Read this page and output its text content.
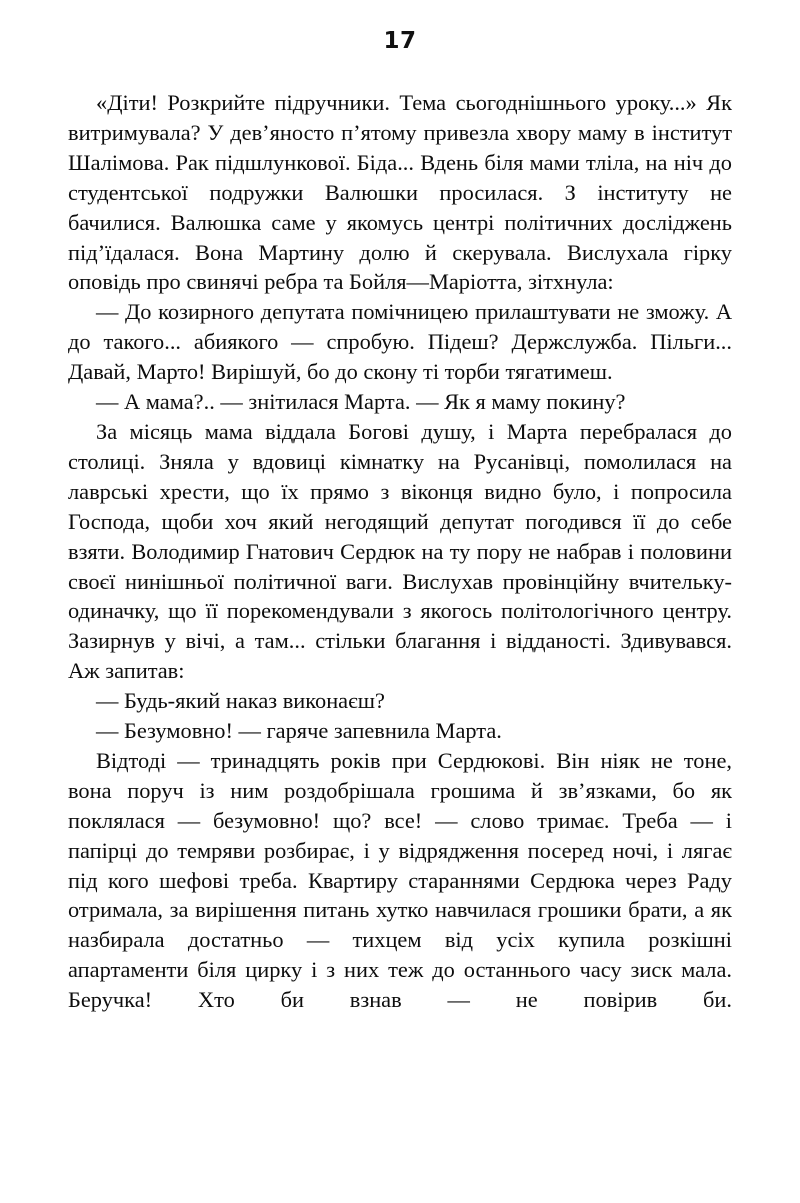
17

«Діти! Розкрийте підручники. Тема сьогоднішнього уроку...» Як витримувала? У дев’яносто п’ятому привезла хвору маму в інститут Шалімова. Рак підшлункової. Біда... Вдень біля мами тліла, на ніч до студентської подружки Валюшки просилася. З інституту не бачилися. Валюшка саме у якомусь центрі політичних досліджень під’їдалася. Вона Мартину долю й скерувала. Вислухала гірку оповідь про свинячі ребра та Бойля—Маріотта, зітхнула:

— До козирного депутата помічницею прилаштувати не зможу. А до такого... абиякого — спробую. Підеш? Держслужба. Пільги... Давай, Марто! Вирішуй, бо до скону ті торби тягатимеш.

— А мама?.. — знітилася Марта. — Як я маму покину?

За місяць мама віддала Богові душу, і Марта перебралася до столиці. Зняла у вдовиці кімнатку на Русанівці, помолилася на лаврські хрести, що їх прямо з віконця видно було, і попросила Господа, щоби хоч який негодящий депутат погодився її до себе взяти. Володимир Гнатович Сердюк на ту пору не набрав і половини своєї нинішньої політичної ваги. Вислухав провінційну вчительку-одиначку, що її порекомендували з якогось політологічного центру. Зазирнув у вічі, а там... стільки благання і відданості. Здивувався. Аж запитав:

— Будь-який наказ виконаєш?

— Безумовно! — гаряче запевнила Марта.

Відтоді — тринадцять років при Сердюкові. Він ніяк не тоне, вона поруч із ним роздобрішала грошима й зв’язками, бо як поклялася — безумовно! що? все! — слово тримає. Треба — і папірці до темряви розбирає, і у відрядження посеред ночі, і лягає під кого шефові треба. Квартиру стараннями Сердюка через Раду отримала, за вирішення питань хутко навчилася грошики брати, а як назбирала достатньо — тихцем від усіх купила розкішні апартаменти біля цирку і з них теж до останнього часу зиск мала. Беручка! Хто би взнав — не повірив би.
